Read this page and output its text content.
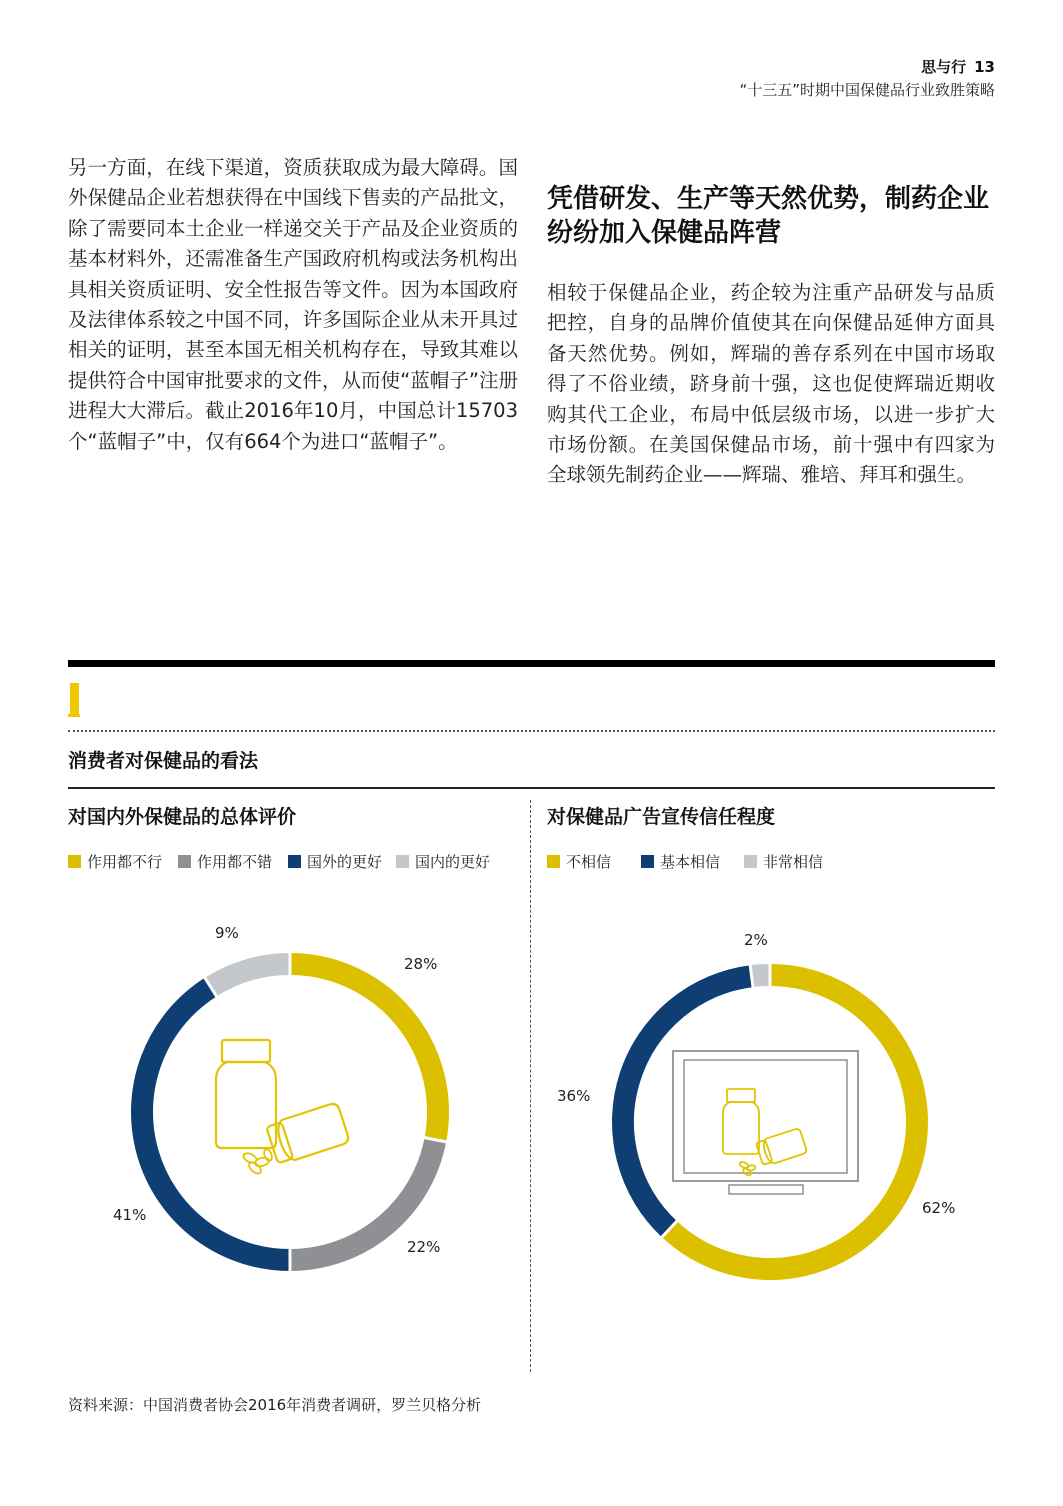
思与行 13
“十三五”时期中国保健品行业致胜策略
另一方面，在线下渠道，资质获取成为最大障碍。国外保健品企业若想获得在中国线下售卖的产品批文，除了需要同本土企业一样递交关于产品及企业资质的基本材料外，还需准备生产国政府机构或法务机构出具相关资质证明、安全性报告等文件。因为本国政府及法律体系较之中国不同，许多国际企业从未开具过相关的证明，甚至本国无相关机构存在，导致其难以提供符合中国审批要求的文件，从而使“蓝帽子”注册进程大大滞后。截止2016年10月，中国总计15703个“蓝帽子”中，仅有664个为进口“蓝帽子”。
凭借研发、生产等天然优势，制药企业纷纷加入保健品阵营
相较于保健品企业，药企较为注重产品研发与品质把控，自身的品牌价值使其在向保健品延伸方面具备天然优势。例如，辉瑞的善存系列在中国市场取得了不俗业绩，跻身前十强，这也促使辉瑞近期收购其代工企业，布局中低层级市场，以进一步扩大市场份额。在美国保健品市场，前十强中有四家为全球领先制药企业——辉瑞、雅培、拜耳和强生。
消费者对保健品的看法
对国内外保健品的总体评价
作用都不行 作用都不错 国外的更好 国内的更好
对保健品广告宣传信任程度
不相信	基本相信	非常相信
28%
22%
41%
9%
62%
36%
2%
资料来源：中国消费者协会2016年消费者调研，罗兰贝格分析
